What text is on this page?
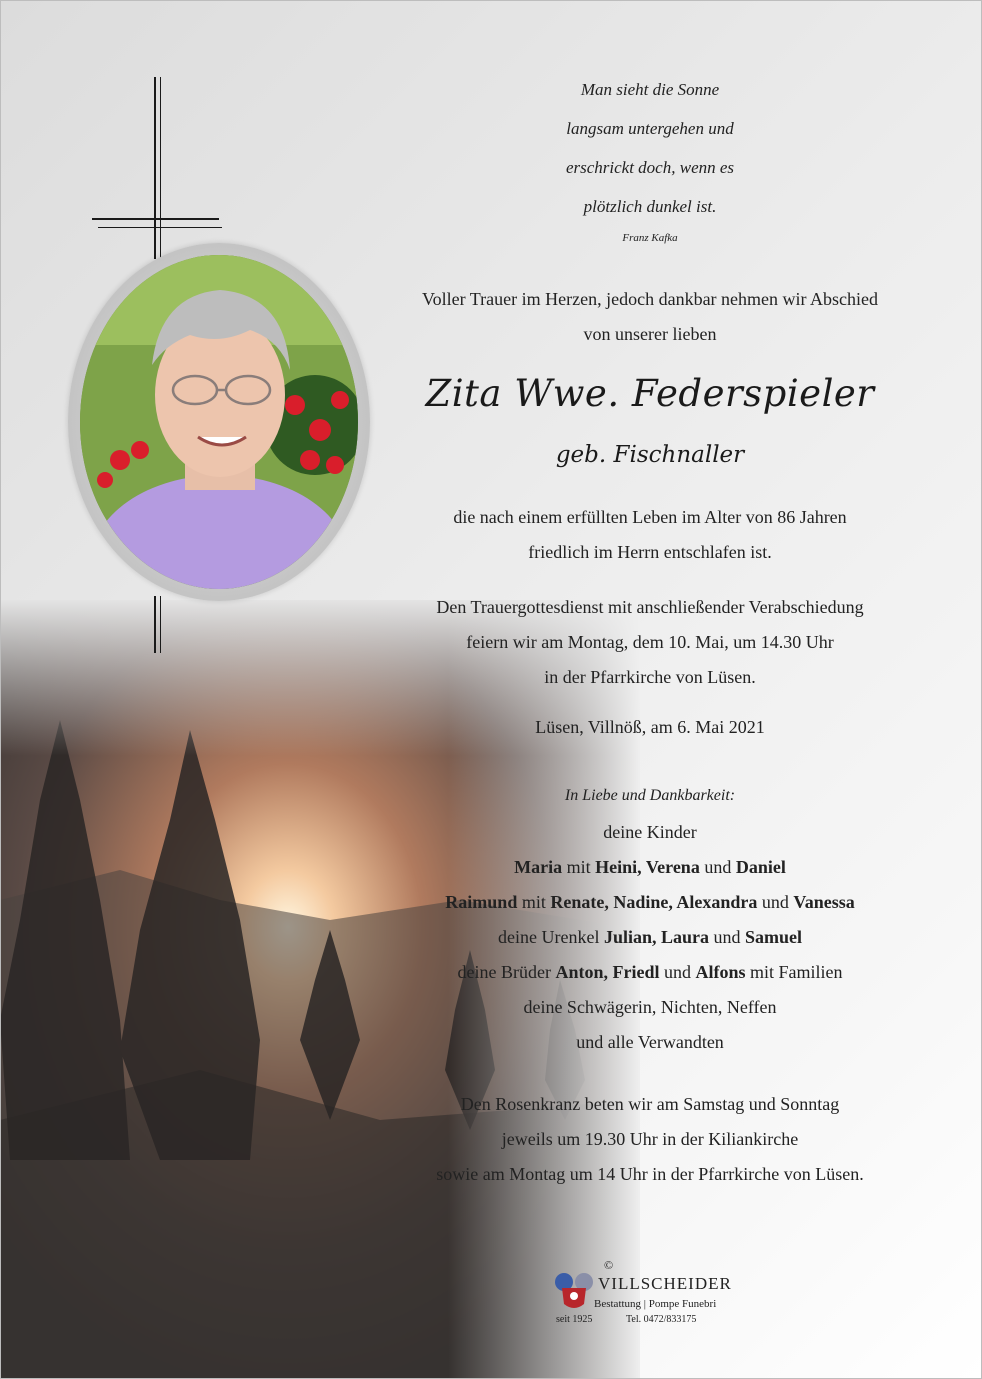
Man sieht die Sonne
langsam untergehen und
erschrickt doch, wenn es
plötzlich dunkel ist.
Franz Kafka
Voller Trauer im Herzen, jedoch dankbar nehmen wir Abschied
von unserer lieben
Zita Wwe. Federspieler
geb. Fischnaller
die nach einem erfüllten Leben im Alter von 86 Jahren
friedlich im Herrn entschlafen ist.
Den Trauergottesdienst mit anschließender Verabschiedung
feiern wir am Montag, dem 10. Mai, um 14.30 Uhr
in der Pfarrkirche von Lüsen.
Lüsen, Villnöß, am 6. Mai 2021
In Liebe und Dankbarkeit:
deine Kinder
Maria mit Heini, Verena und Daniel
Raimund mit Renate, Nadine, Alexandra und Vanessa
deine Urenkel Julian, Laura und Samuel
deine Brüder Anton, Friedl und Alfons mit Familien
deine Schwägerin, Nichten, Neffen
und alle Verwandten
Den Rosenkranz beten wir am Samstag und Sonntag
jeweils um 19.30 Uhr in der Kiliankirche
sowie am Montag um 14 Uhr in der Pfarrkirche von Lüsen.
©
VILLSCHEIDER
Bestattung | Pompe Funebri
seit 1925	Tel. 0472/833175
